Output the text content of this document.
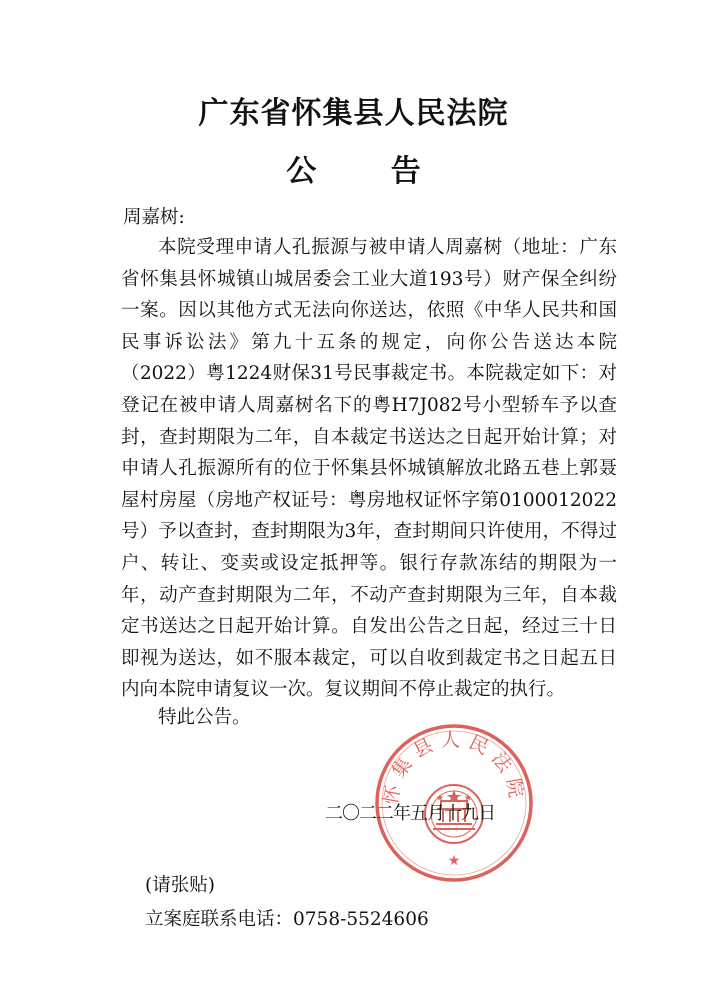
广东省怀集县人民法院
公 告
周嘉树:

本院受理申请人孔振源与被申请人周嘉树（地址：广东省怀集县怀城镇山城居委会工业大道193号）财产保全纠纷一案。因以其他方式无法向你送达，依照《中华人民共和国民事诉讼法》第九十五条的规定，向你公告送达本院（2022）粤1224财保31号民事裁定书。本院裁定如下：对登记在被申请人周嘉树名下的粤H7J082号小型轿车予以查封，查封期限为二年，自本裁定书送达之日起开始计算；对申请人孔振源所有的位于怀集县怀城镇解放北路五巷上郭聂屋村房屋（房地产权证号：粤房地权证怀字第0100012022号）予以查封，查封期限为3年，查封期间只许使用，不得过户、转让、变卖或设定抵押等。银行存款冻结的期限为一年，动产查封期限为二年，不动产查封期限为三年，自本裁定书送达之日起开始计算。自发出公告之日起，经过三十日即视为送达，如不服本裁定，可以自收到裁定书之日起五日内向本院申请复议一次。复议期间不停止裁定的执行。

特此公告。
怀集县人民法院
★
二〇二二年五月十九日
(请张贴)
立案庭联系电话：0758-5524606
